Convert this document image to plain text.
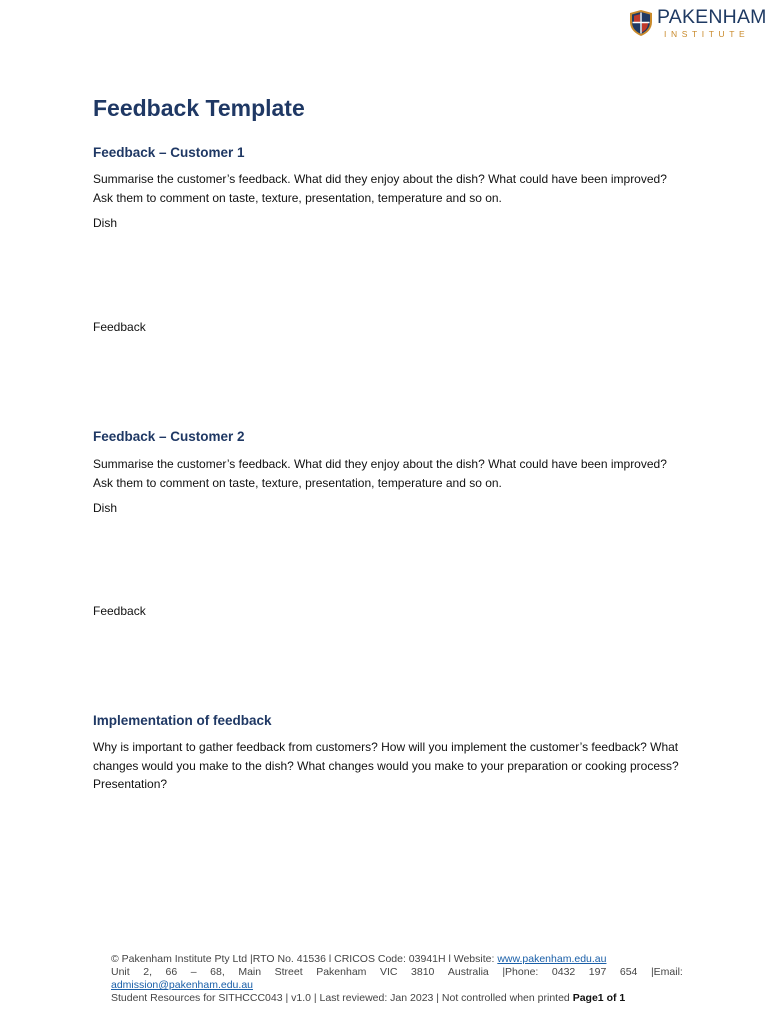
PAKENHAM
INSTITUTE
Feedback Template
Feedback – Customer 1

Summarise the customer’s feedback. What did they enjoy about the dish? What could have been improved? Ask them to comment on taste, texture, presentation, temperature and so on.

Dish

Feedback

Feedback – Customer 2

Summarise the customer’s feedback. What did they enjoy about the dish? What could have been improved? Ask them to comment on taste, texture, presentation, temperature and so on.

Dish

Feedback

Implementation of feedback

Why is important to gather feedback from customers? How will you implement the customer’s feedback? What changes would you make to the dish? What changes would you make to your preparation or cooking process? Presentation?

© Pakenham Institute Pty Ltd |RTO No. 41536 l CRICOS Code: 03941H l Website: www.pakenham.edu.au
Unit 2, 66 – 68, Main Street Pakenham VIC 3810 Australia |Phone: 0432 197 654 |Email:
admission@pakenham.edu.au
Student Resources for SITHCCC043 | v1.0 | Last reviewed: Jan 2023 | Not controlled when printed Page1 of 1
